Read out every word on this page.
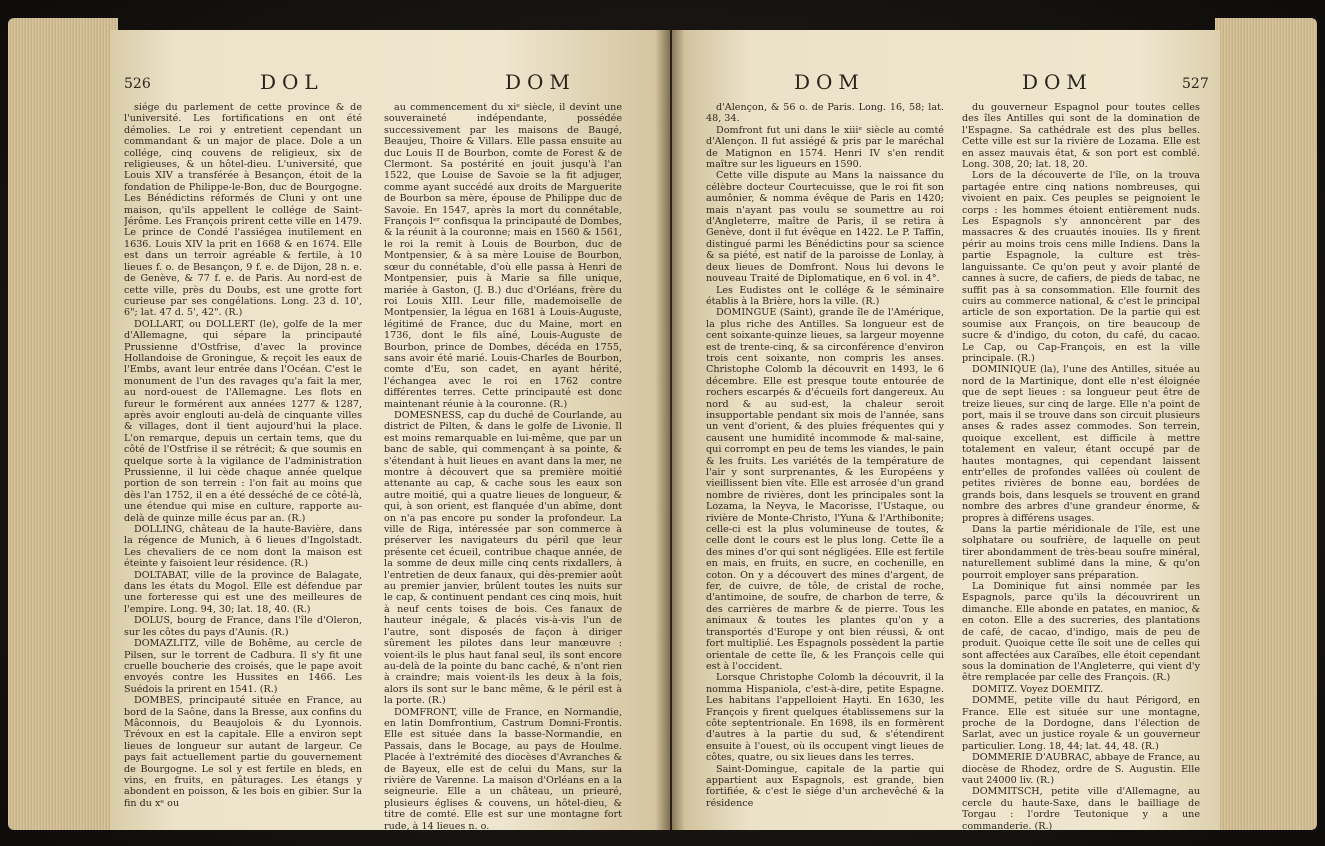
526	DOL	DOM

siége du parlement de cette province & de l'université. Les fortifications en ont été démolies. Le roi y entretient cependant un commandant & un major de place. Dole a un collége, cinq couvens de religieux, six de religieuses, & un hôtel-dieu. L'université, que Louis XIV a transférée à Besançon, étoit de la fondation de Philippe-le-Bon, duc de Bourgogne. Les Bénédictins réformés de Cluni y ont une maison, qu'ils appellent le collége de Saint-Jérôme. Les François prirent cette ville en 1479. Le prince de Condé l'assiégea inutilement en 1636. Louis XIV la prit en 1668 & en 1674. Elle est dans un terroir agréable & fertile, à 10 lieues f. o. de Besançon, 9 f. e. de Dijon, 28 n. e. de Genève, & 77 f. e. de Paris. Au nord-est de cette ville, près du Doubs, est une grotte fort curieuse par ses congélations. Long. 23 d. 10', 6"; lat. 47 d. 5', 42". (R.)

DOLLART, ou DOLLERT (le), golfe de la mer d'Allemagne, qui sépare la principauté Prussienne d'Ostfrise, d'avec la province Hollandoise de Groningue, & reçoit les eaux de l'Embs, avant leur entrée dans l'Océan. C'est le monument de l'un des ravages qu'a fait la mer, au nord-ouest de l'Allemagne. Les flots en fureur le formérent aux années 1277 & 1287, après avoir englouti au-delà de cinquante villes & villages, dont il tient aujourd'hui la place. L'on remarque, depuis un certain tems, que du côté de l'Ostfrise il se rétrécit; & que soumis en quelque sorte à la vigilance de l'administration Prussienne, il lui cède chaque année quelque portion de son terrein : l'on fait au moins que dès l'an 1752, il en a été desséché de ce côté-là, une étendue qui mise en culture, rapporte au-delà de quinze mille écus par an. (R.)

DOLLING, château de la haute-Bavière, dans la régence de Munich, à 6 lieues d'Ingolstadt. Les chevaliers de ce nom dont la maison est éteinte y faisoient leur résidence. (R.)

DOLTABAT, ville de la province de Balagate, dans les états du Mogol. Elle est défendue par une forteresse qui est une des meilleures de l'empire. Long. 94, 30; lat. 18, 40. (R.)

DOLUS, bourg de France, dans l'île d'Oleron, sur les côtes du pays d'Aunis. (R.)

DOMAZLITZ, ville de Bohême, au cercle de Pilsen, sur le torrent de Cadbura. Il s'y fit une cruelle boucherie des croisés, que le pape avoit envoyés contre les Hussites en 1466. Les Suédois la prirent en 1541. (R.)

DOMBES, principauté située en France, au bord de la Saône, dans la Bresse, aux confins du Mâconnois, du Beaujolois & du Lyonnois. Trévoux en est la capitale. Elle a environ sept lieues de longueur sur autant de largeur. Ce pays fait actuellement partie du gouvernement de Bourgogne. Le sol y est fertile en bleds, en vins, en fruits, en pâturages. Les étangs y abondent en poisson, & les bois en gibier. Sur la fin du xᵉ ou

au commencement du xiᵉ siècle, il devint une souveraineté indépendante, possédée successivement par les maisons de Baugé, Beaujeu, Thoire & Villars. Elle passa ensuite au duc Louis II de Bourbon, comte de Forest & de Clermont. Sa postérité en jouit jusqu'à l'an 1522, que Louise de Savoie se la fit adjuger, comme ayant succédé aux droits de Marguerite de Bourbon sa mère, épouse de Philippe duc de Savoie. En 1547, après la mort du connétable, François Iᵉʳ confisqua la principauté de Dombes, & la réunit à la couronne; mais en 1560 & 1561, le roi la remit à Louis de Bourbon, duc de Montpensier, & à sa mère Louise de Bourbon, sœur du connétable, d'où elle passa à Henri de Montpensier, puis à Marie sa fille unique, mariée à Gaston, (J. B.) duc d'Orléans, frère du roi Louis XIII. Leur fille, mademoiselle de Montpensier, la légua en 1681 à Louis-Auguste, légitimé de France, duc du Maine, mort en 1736, dont le fils aîné, Louis-Auguste de Bourbon, prince de Dombes, décéda en 1755, sans avoir été marié. Louis-Charles de Bourbon, comte d'Eu, son cadet, en ayant hérité, l'échangea avec le roi en 1762 contre différentes terres. Cette principauté est donc maintenant réunie à la couronne. (R.)

DOMESNESS, cap du duché de Courlande, au district de Pilten, & dans le golfe de Livonie. Il est moins remarquable en lui-même, que par un banc de sable, qui commençant à sa pointe, & s'étendant à huit lieues en avant dans la mer, ne montre à découvert que sa première moitié attenante au cap, & cache sous les eaux son autre moitié, qui a quatre lieues de longueur, & qui, à son orient, est flanquée d'un abîme, dont on n'a pas encore pu sonder la profondeur. La ville de Riga, intéressée par son commerce à préserver les navigateurs du péril que leur présente cet écueil, contribue chaque année, de la somme de deux mille cinq cents rixdallers, à l'entretien de deux fanaux, qui dès-premier août au premier janvier, brûlent toutes les nuits sur le cap, & continuent pendant ces cinq mois, huit à neuf cents toises de bois. Ces fanaux de hauteur inégale, & placés vis-à-vis l'un de l'autre, sont disposés de façon à diriger sûrement les pilotes dans leur manœuvre : voient-ils le plus haut fanal seul, ils sont encore au-delà de la pointe du banc caché, & n'ont rien à craindre; mais voient-ils les deux à la fois, alors ils sont sur le banc même, & le péril est à la porte. (R.)

DOMFRONT, ville de France, en Normandie, en latin Domfrontium, Castrum Domni-Frontis. Elle est située dans la basse-Normandie, en Passais, dans le Bocage, au pays de Houlme. Placée à l'extrémité des diocèses d'Avranches & de Bayeux, elle est de celui du Mans, sur la rivière de Varenne. La maison d'Orléans en a la seigneurie. Elle a un château, un prieuré, plusieurs églises & couvens, un hôtel-dieu, & titre de comté. Elle est sur une montagne fort rude, à 14 lieues n. o.

DOM	DOM	527

d'Alençon, & 56 o. de Paris. Long. 16, 58; lat. 48, 34.

Domfront fut uni dans le xiiiᵉ siècle au comté d'Alençon. Il fut assiégé & pris par le maréchal de Matignon en 1574. Henri IV s'en rendit maître sur les ligueurs en 1590.

Cette ville dispute au Mans la naissance du célèbre docteur Courtecuisse, que le roi fit son aumônier, & nomma évêque de Paris en 1420; mais n'ayant pas voulu se soumettre au roi d'Angleterre, maître de Paris, il se retira à Genève, dont il fut évêque en 1422. Le P. Taffin, distingué parmi les Bénédictins pour sa science & sa piété, est natif de la paroisse de Lonlay, à deux lieues de Domfront. Nous lui devons le nouveau Traité de Diplomatique, en 6 vol. in 4°.

Les Eudistes ont le collége & le séminaire établis à la Brière, hors la ville. (R.)

DOMINGUE (Saint), grande île de l'Amérique, la plus riche des Antilles. Sa longueur est de cent soixante-quinze lieues, sa largeur moyenne est de trente-cinq, & sa circonférence d'environ trois cent soixante, non compris les anses. Christophe Colomb la découvrit en 1493, le 6 décembre. Elle est presque toute entourée de rochers escarpés & d'écueils fort dangereux. Au nord & au sud-est, la chaleur seroit insupportable pendant six mois de l'année, sans un vent d'orient, & des pluies fréquentes qui y causent une humidité incommode & mal-saine, qui corrompt en peu de tems les viandes, le pain & les fruits. Les variétés de la température de l'air y sont surprenantes, & les Européens y vieillissent bien vîte. Elle est arrosée d'un grand nombre de rivières, dont les principales sont la Lozama, la Neyva, le Macorisse, l'Ustaque, ou rivière de Monte-Christo, l'Yuna & l'Arthibonite; celle-ci est la plus volumineuse de toutes, & celle dont le cours est le plus long. Cette île a des mines d'or qui sont négligées. Elle est fertile en mais, en fruits, en sucre, en cochenille, en coton. On y a découvert des mines d'argent, de fer, de cuivre, de tôle, de cristal de roche, d'antimoine, de soufre, de charbon de terre, & des carrières de marbre & de pierre. Tous les animaux & toutes les plantes qu'on y a transportés d'Europe y ont bien réussi, & ont fort multiplié. Les Espagnols possèdent la partie orientale de cette île, & les François celle qui est à l'occident.

Lorsque Christophe Colomb la découvrit, il la nomma Hispaniola, c'est-à-dire, petite Espagne. Les habitans l'appelloient Hayti. En 1630, les François y firent quelques établissemens sur la côte septentrionale. En 1698, ils en formèrent d'autres à la partie du sud, & s'étendirent ensuite à l'ouest, où ils occupent vingt lieues de côtes, quatre, ou six lieues dans les terres.

Saint-Domingue, capitale de la partie qui appartient aux Espagnols, est grande, bien fortifiée, & c'est le siége d'un archevêché & la résidence

du gouverneur Espagnol pour toutes celles des îles Antilles qui sont de la domination de l'Espagne. Sa cathédrale est des plus belles. Cette ville est sur la rivière de Lozama. Elle est en assez mauvais état, & son port est comblé. Long. 308, 20; lat. 18, 20.

Lors de la découverte de l'île, on la trouva partagée entre cinq nations nombreuses, qui vivoient en paix. Ces peuples se peignoient le corps : les hommes étoient entièrement nuds. Les Espagnols s'y annoncèrent par des massacres & des cruautés inouies. Ils y firent périr au moins trois cens mille Indiens. Dans la partie Espagnole, la culture est très-languissante. Ce qu'on peut y avoir planté de cannes à sucre, de cafiers, de pieds de tabac, ne suffit pas à sa consommation. Elle fournit des cuirs au commerce national, & c'est le principal article de son exportation. De la partie qui est soumise aux François, on tire beaucoup de sucre & d'indigo, du coton, du café, du cacao. Le Cap, ou Cap-François, en est la ville principale. (R.)

DOMINIQUE (la), l'une des Antilles, située au nord de la Martinique, dont elle n'est éloignée que de sept lieues : sa longueur peut être de treize lieues, sur cinq de large. Elle n'a point de port, mais il se trouve dans son circuit plusieurs anses & rades assez commodes. Son terrein, quoique excellent, est difficile à mettre totalement en valeur, étant occupé par de hautes montagnes, qui cependant laissent entr'elles de profondes vallées où coulent de petites rivières de bonne eau, bordées de grands bois, dans lesquels se trouvent en grand nombre des arbres d'une grandeur énorme, & propres à différens usages.

Dans la partie méridionale de l'île, est une solphatare ou soufrière, de laquelle on peut tirer abondamment de très-beau soufre minéral, naturellement sublimé dans la mine, & qu'on pourroit employer sans préparation.

La Dominique fut ainsi nommée par les Espagnols, parce qu'ils la découvrirent un dimanche. Elle abonde en patates, en manioc, & en coton. Elle a des sucreries, des plantations de café, de cacao, d'indigo, mais de peu de produit. Quoique cette île soit une de celles qui sont affectées aux Caraïbes, elle étoit cependant sous la domination de l'Angleterre, qui vient d'y être remplacée par celle des François. (R.)

DOMITZ. Voyez DOEMITZ.

DOMME, petite ville du haut Périgord, en France. Elle est située sur une montagne, proche de la Dordogne, dans l'élection de Sarlat, avec un justice royale & un gouverneur particulier. Long. 18, 44; lat. 44, 48. (R.)

DOMMERIE D'AUBRAC, abbaye de France, au diocèse de Rhodez, ordre de S. Augustin. Elle vaut 24000 liv. (R.)

DOMMITSCH, petite ville d'Allemagne, au cercle du haute-Saxe, dans le bailliage de Torgau : l'ordre Teutonique y a une commanderie. (R.)
